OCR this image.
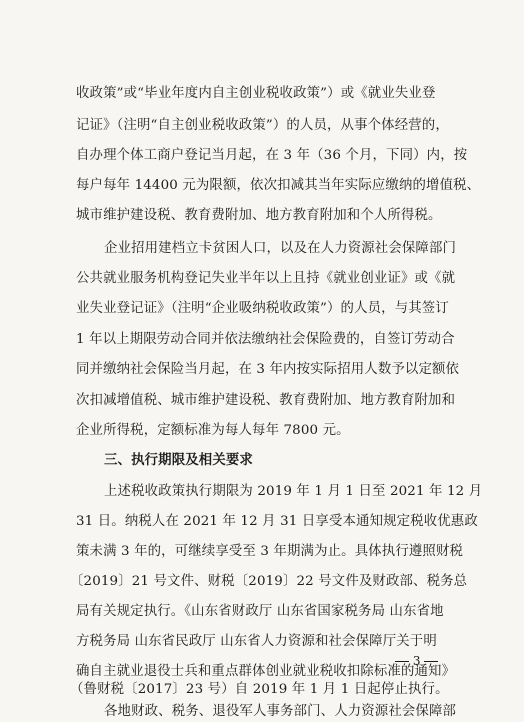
收政策”或“毕业年度内自主创业税收政策”）或《就业失业登
记证》（注明“自主创业税收政策”）的人员，从事个体经营的，
自办理个体工商户登记当月起，在 3 年（36 个月，下同）内，按
每户每年 14400 元为限额，依次扣减其当年实际应缴纳的增值税、
城市维护建设税、教育费附加、地方教育附加和个人所得税。
企业招用建档立卡贫困人口，以及在人力资源社会保障部门
公共就业服务机构登记失业半年以上且持《就业创业证》或《就
业失业登记证》（注明“企业吸纳税收政策”）的人员，与其签订
1 年以上期限劳动合同并依法缴纳社会保险费的，自签订劳动合
同并缴纳社会保险当月起，在 3 年内按实际招用人数予以定额依
次扣减增值税、城市维护建设税、教育费附加、地方教育附加和
企业所得税，定额标准为每人每年 7800 元。
三、执行期限及相关要求
上述税收政策执行期限为 2019 年 1 月 1 日至 2021 年 12 月
31 日。纳税人在 2021 年 12 月 31 日享受本通知规定税收优惠政
策未满 3 年的，可继续享受至 3 年期满为止。具体执行遵照财税
〔2019〕21 号文件、财税〔2019〕22 号文件及财政部、税务总
局有关规定执行。《山东省财政厅 山东省国家税务局 山东省地
方税务局 山东省民政厅 山东省人力资源和社会保障厅关于明
确自主就业退役士兵和重点群体创业就业税收扣除标准的通知》
（鲁财税〔2017〕23 号）自 2019 年 1 月 1 日起停止执行。
各地财政、税务、退役军人事务部门、人力资源社会保障部
3
